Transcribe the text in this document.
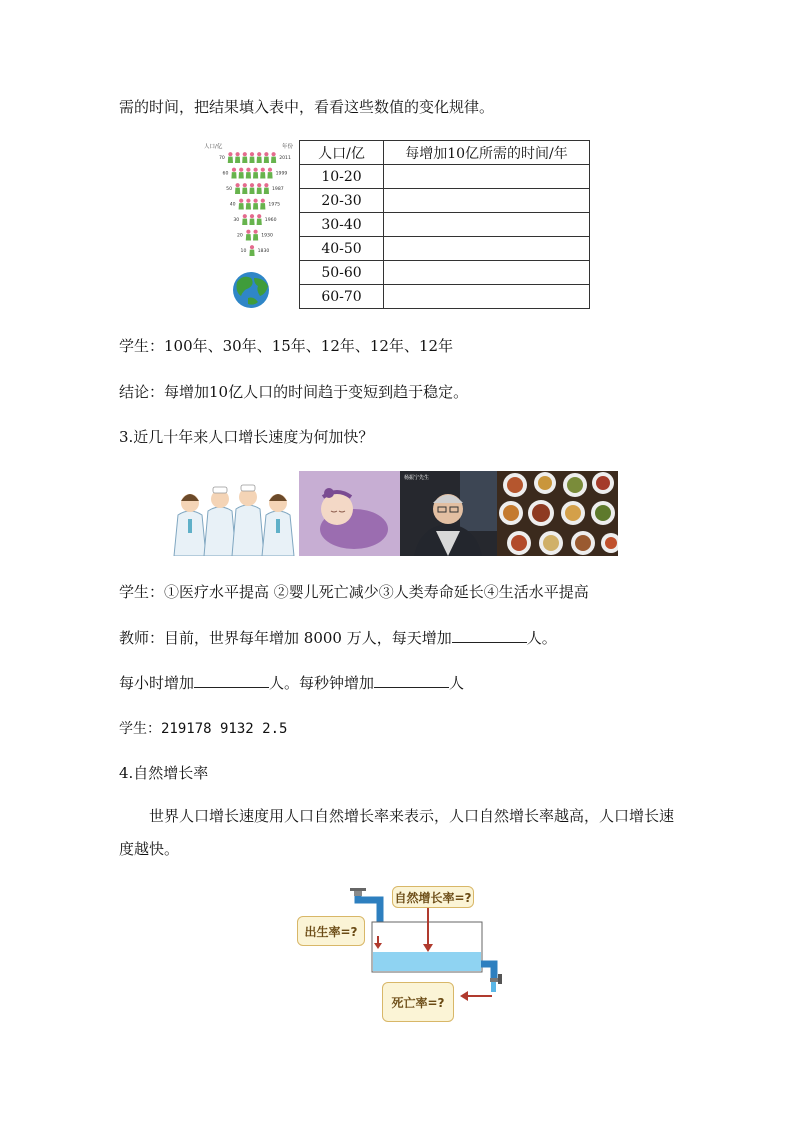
需的时间，把结果填入表中，看看这些数值的变化规律。
人口/亿	年份
70	2011
60	1999
50	1987
40	1975
30	1960
20	1930
10 1830
人口/亿	每增加10亿所需的时间/年
10-20	
20-30	
30-40	
40-50	
50-60	
60-70	
学生：100年、30年、15年、12年、12年、12年
结论：每增加10亿人口的时间趋于变短到趋于稳定。
3.近几十年来人口增长速度为何加快？
杨振宁先生
学生：①医疗水平提高 ②婴儿死亡减少③人类寿命延长④生活水平提高
教师：目前，世界每年增加 8000 万人，每天增加	人。
每小时增加	人。每秒钟增加	人
学生：219178 9132 2.5
4.自然增长率
世界人口增长速度用人口自然增长率来表示，人口自然增长率越高，人口增长速度越快。
自然增长率=?
出生率=?
死亡率=?
